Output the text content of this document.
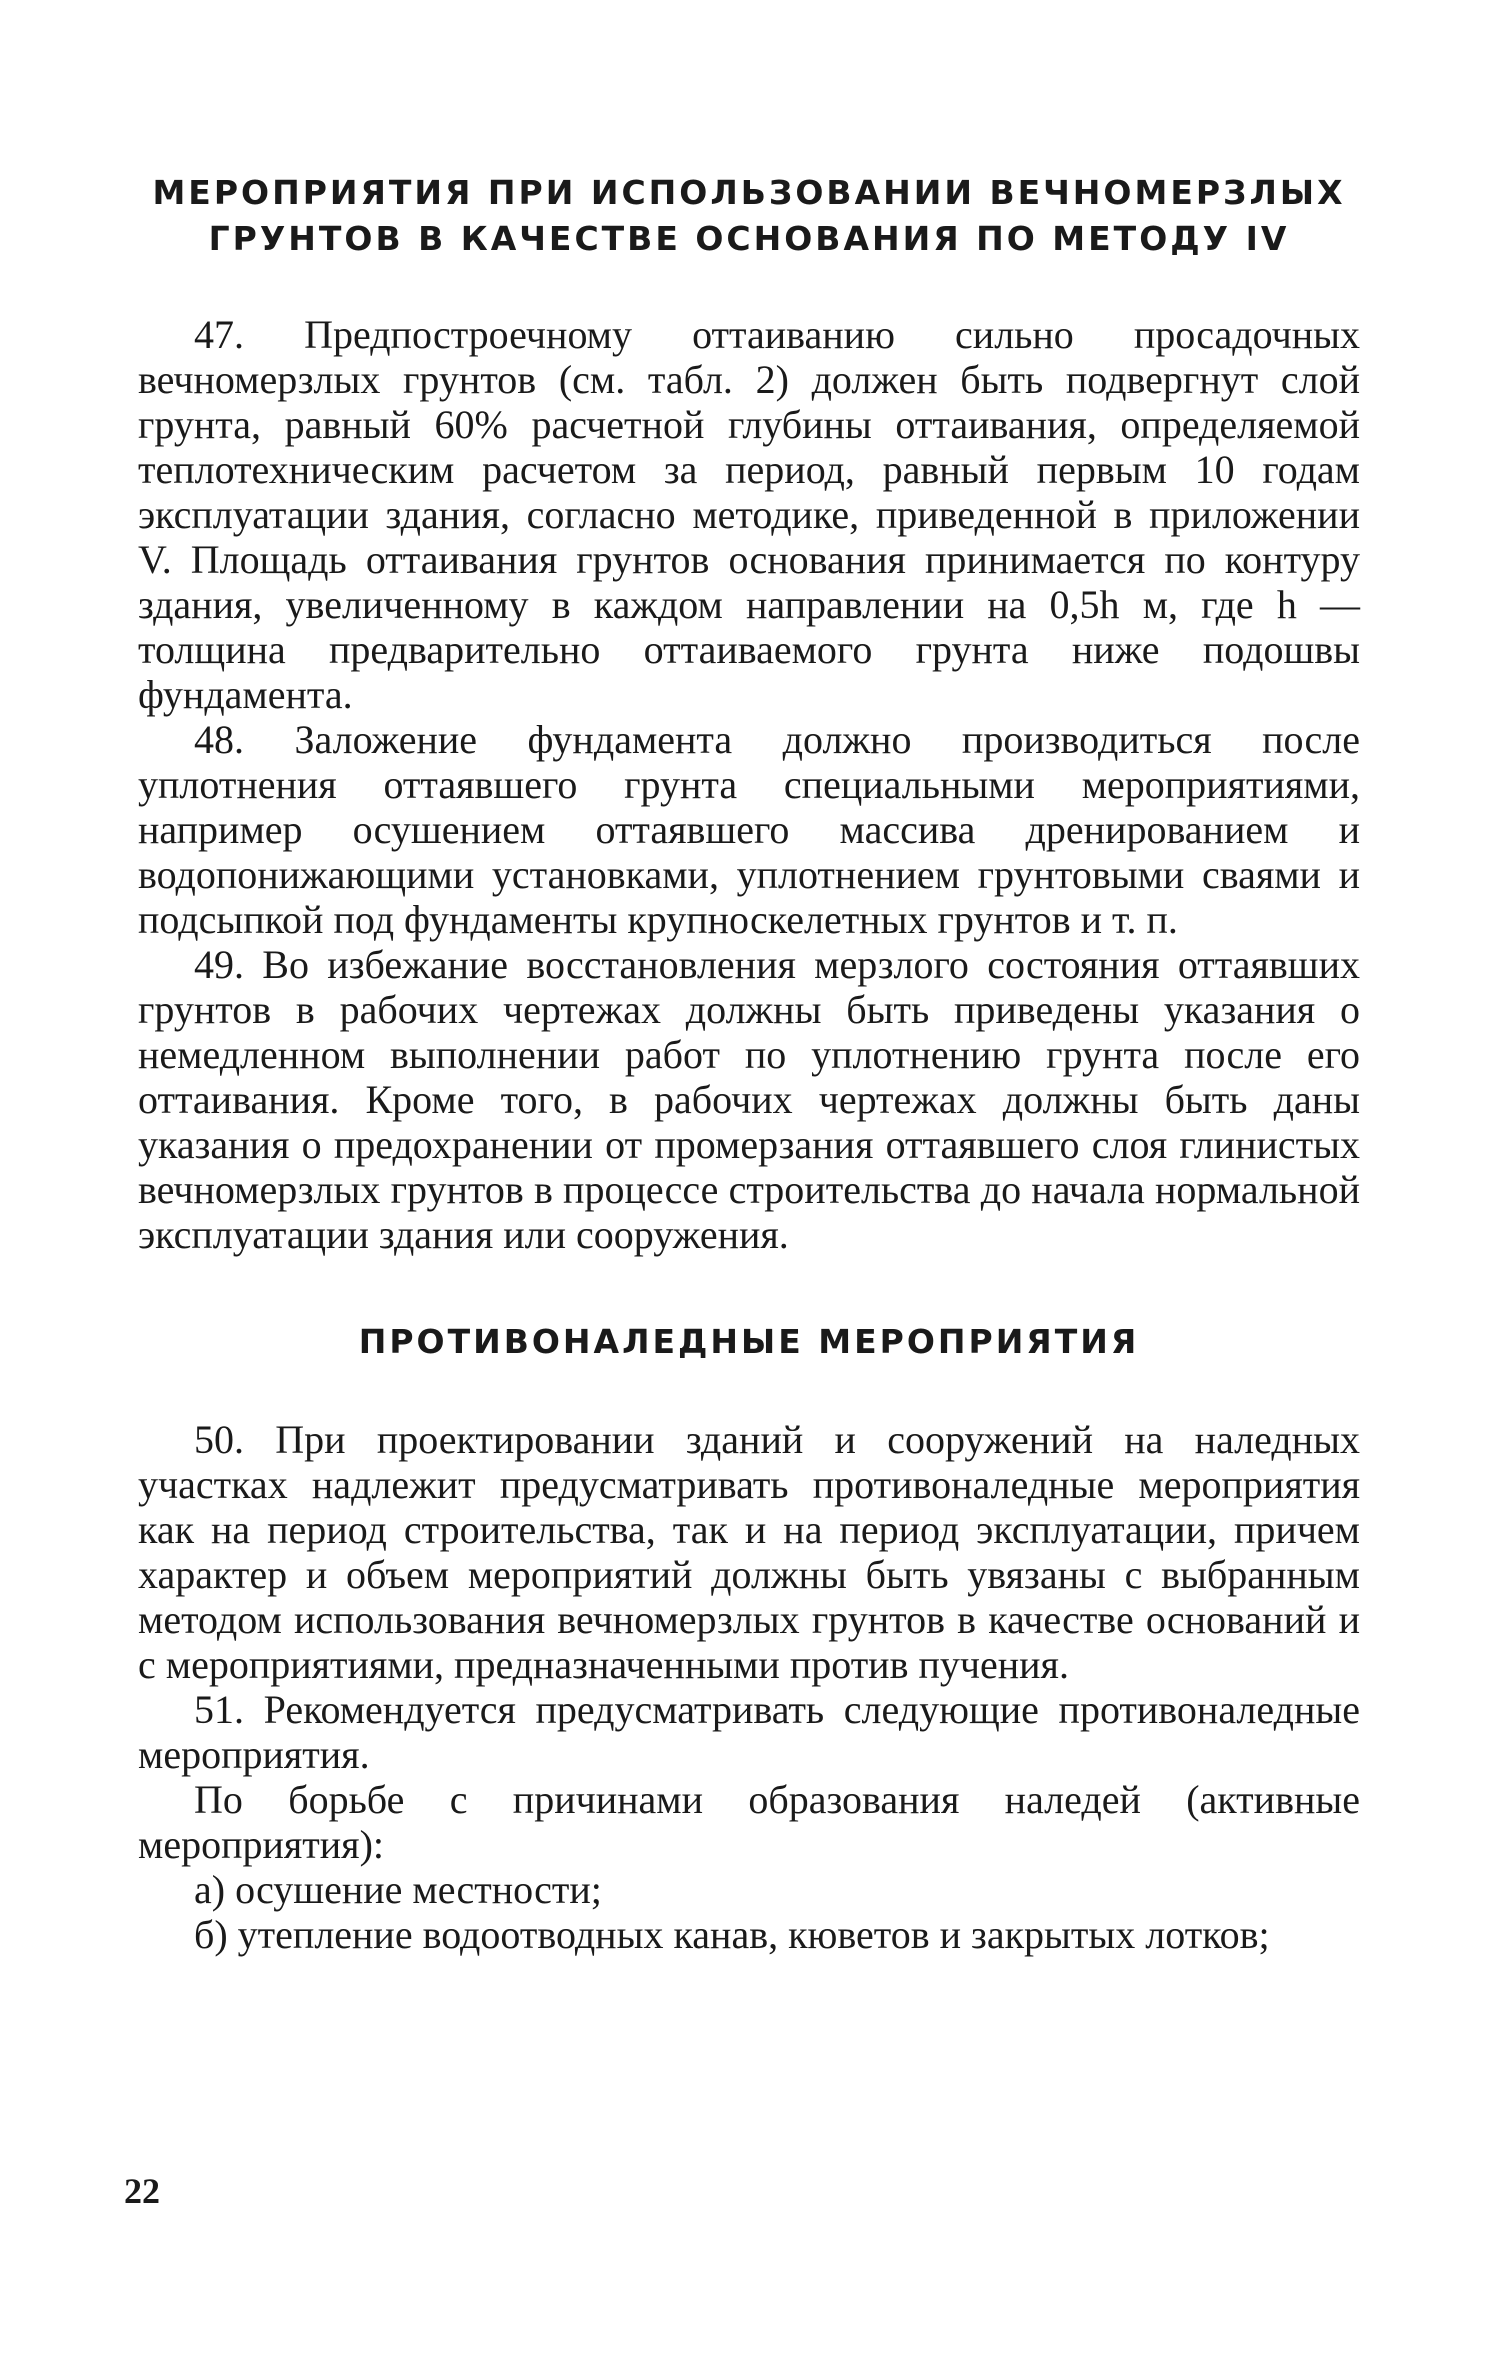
МЕРОПРИЯТИЯ ПРИ ИСПОЛЬЗОВАНИИ ВЕЧНОМЕРЗЛЫХ
ГРУНТОВ В КАЧЕСТВЕ ОСНОВАНИЯ ПО МЕТОДУ IV

47. Предпостроечному оттаиванию сильно просадочных вечномерзлых грунтов (см. табл. 2) должен быть подвергнут слой грунта, равный 60% расчетной глубины оттаивания, определяемой теплотехническим расчетом за период, равный первым 10 годам эксплуатации здания, согласно методике, приведенной в приложении V. Площадь оттаивания грунтов основания принимается по контуру здания, увеличенному в каждом направлении на 0,5h м, где h — толщина предварительно оттаиваемого грунта ниже подошвы фундамента.

48. Заложение фундамента должно производиться после уплотнения оттаявшего грунта специальными мероприятиями, например осушением оттаявшего массива дренированием и водопонижающими установками, уплотнением грунтовыми сваями и подсыпкой под фундаменты крупноскелетных грунтов и т. п.

49. Во избежание восстановления мерзлого состояния оттаявших грунтов в рабочих чертежах должны быть приведены указания о немедленном выполнении работ по уплотнению грунта после его оттаивания. Кроме того, в рабочих чертежах должны быть даны указания о предохранении от промерзания оттаявшего слоя глинистых вечномерзлых грунтов в процессе строительства до начала нормальной эксплуатации здания или сооружения.

ПРОТИВОНАЛЕДНЫЕ МЕРОПРИЯТИЯ

50. При проектировании зданий и сооружений на наледных участках надлежит предусматривать противоналедные мероприятия как на период строительства, так и на период эксплуатации, причем характер и объем мероприятий должны быть увязаны с выбранным методом использования вечномерзлых грунтов в качестве оснований и с мероприятиями, предназначенными против пучения.

51. Рекомендуется предусматривать следующие противоналедные мероприятия.

По борьбе с причинами образования наледей (активные мероприятия):

а) осушение местности;

б) утепление водоотводных канав, кюветов и закрытых лотков;

22
